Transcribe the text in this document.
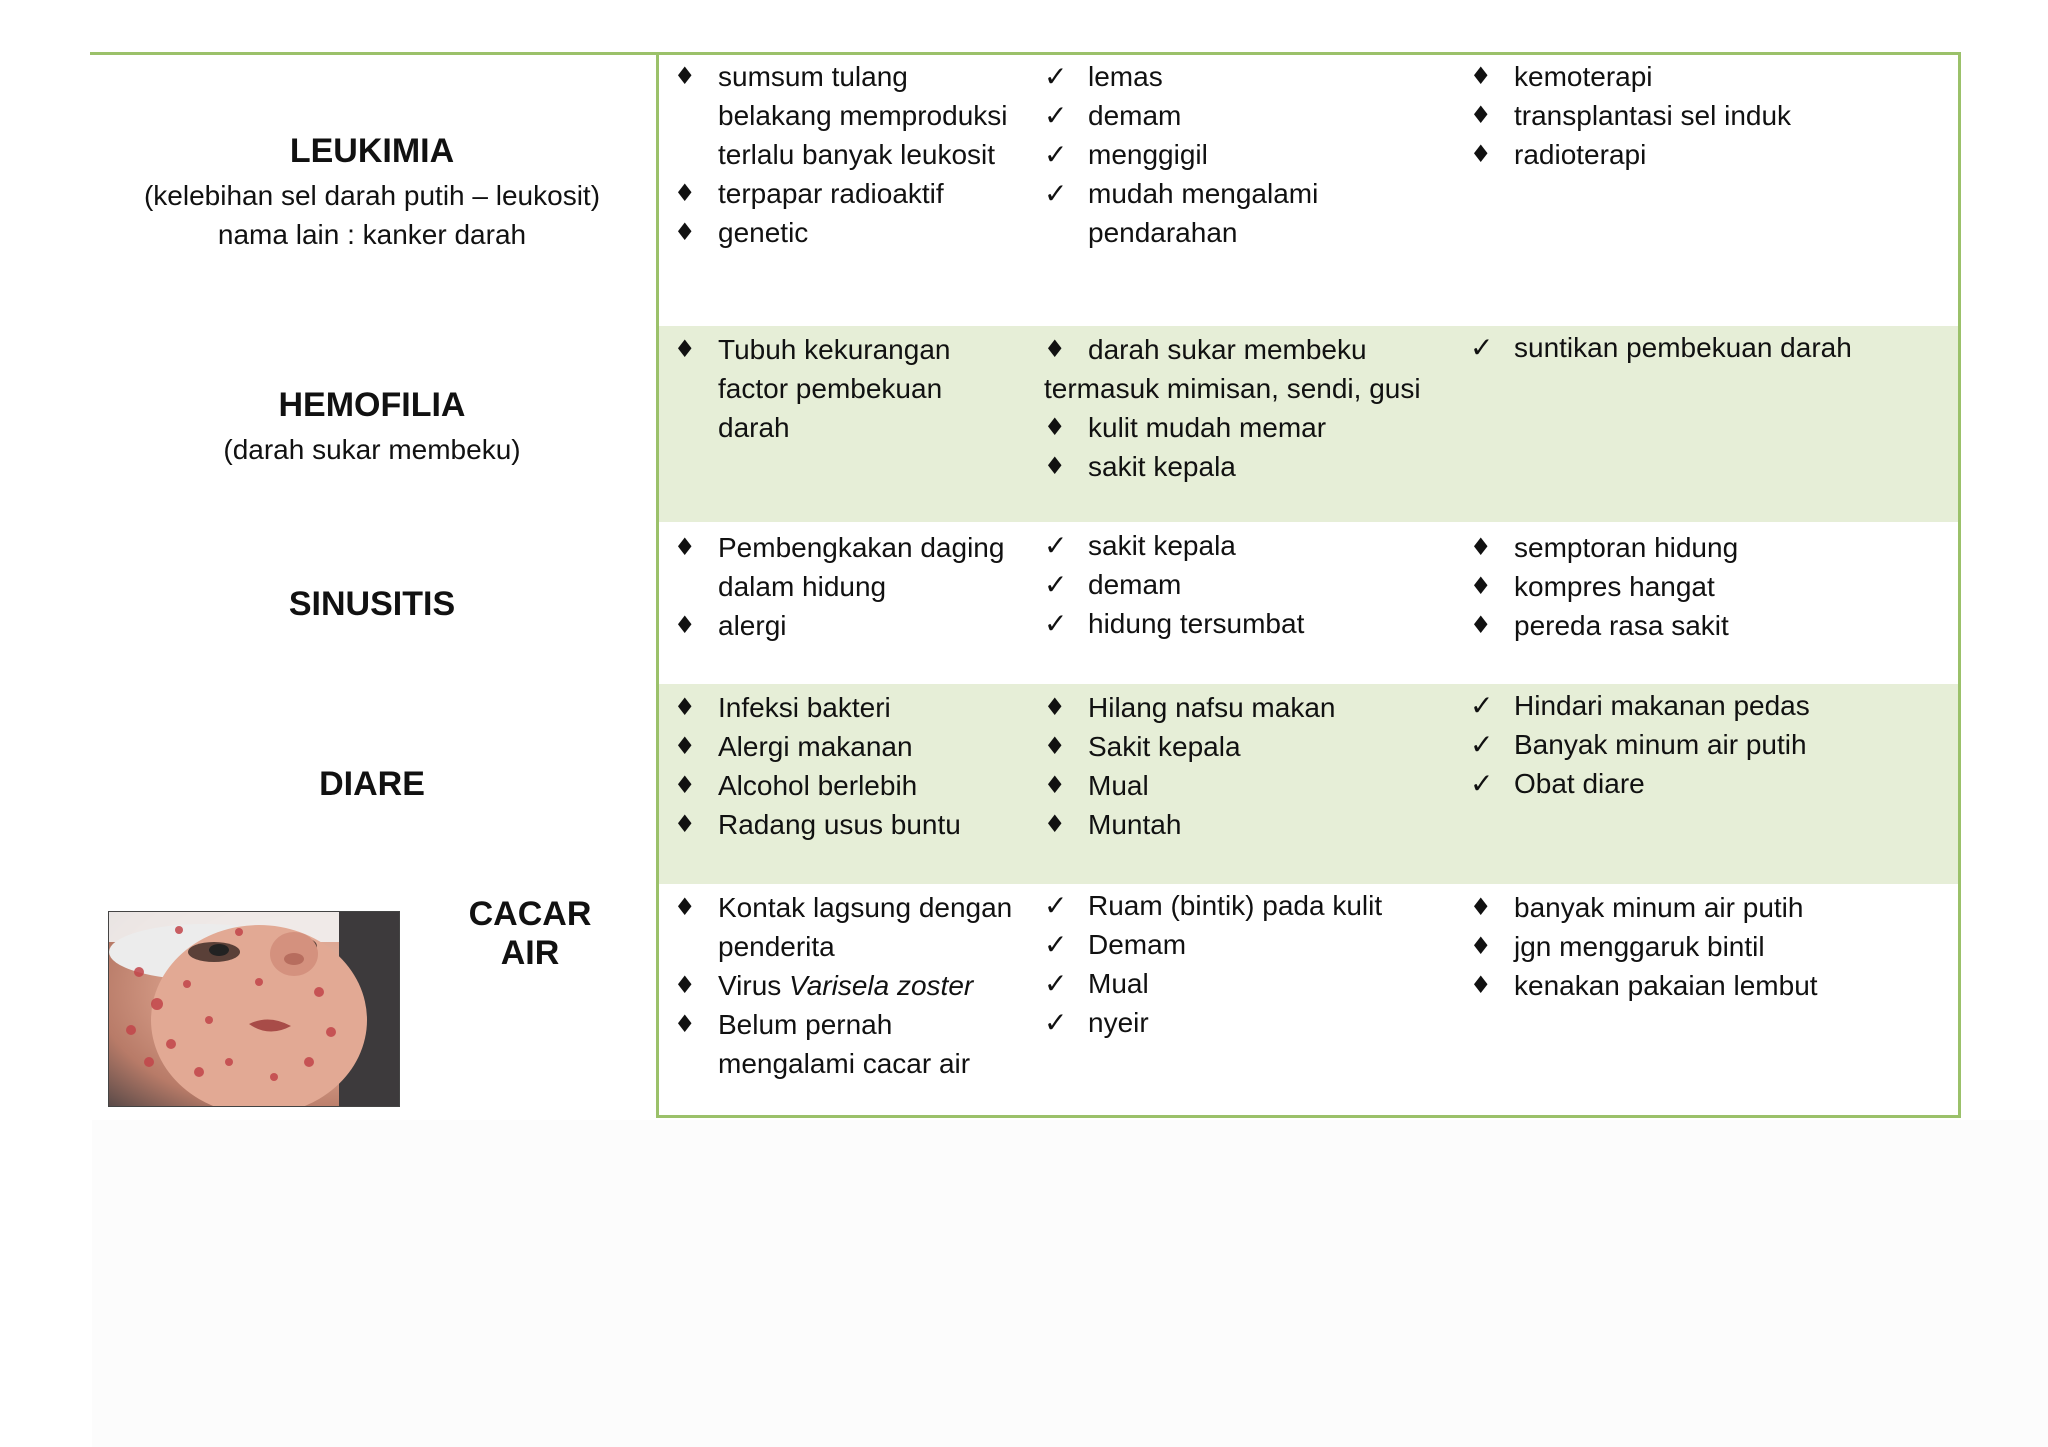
LEUKIMIA
(kelebihan sel darah putih – leukosit)
nama lain : kanker darah
HEMOFILIA
(darah sukar membeku)
SINUSITIS
DIARE
CACAR AIR
♦ sumsum tulang belakang memproduksi terlalu banyak leukosit
♦ terpapar radioaktif
♦ genetic
✓ lemas
✓ demam
✓ menggigil
✓ mudah mengalami pendarahan
♦ kemoterapi
♦ transplantasi sel induk
♦ radioterapi
♦ Tubuh kekurangan factor pembekuan darah
♦ darah sukar membeku
termasuk mimisan, sendi, gusi
♦ kulit mudah memar
♦ sakit kepala
✓ suntikan pembekuan darah
♦ Pembengkakan daging dalam hidung
♦ alergi
✓ sakit kepala
✓ demam
✓ hidung tersumbat
♦ semptoran hidung
♦ kompres hangat
♦ pereda rasa sakit
♦ Infeksi bakteri
♦ Alergi makanan
♦ Alcohol berlebih
♦ Radang usus buntu
♦ Hilang nafsu makan
♦ Sakit kepala
♦ Mual
♦ Muntah
✓ Hindari makanan pedas
✓ Banyak minum air putih
✓ Obat diare
♦ Kontak lagsung dengan penderita
♦ Virus Varisela zoster
♦ Belum pernah mengalami cacar air
✓ Ruam (bintik) pada kulit
✓ Demam
✓ Mual
✓ nyeir
♦ banyak minum air putih
♦ jgn menggaruk bintil
♦ kenakan pakaian lembut
